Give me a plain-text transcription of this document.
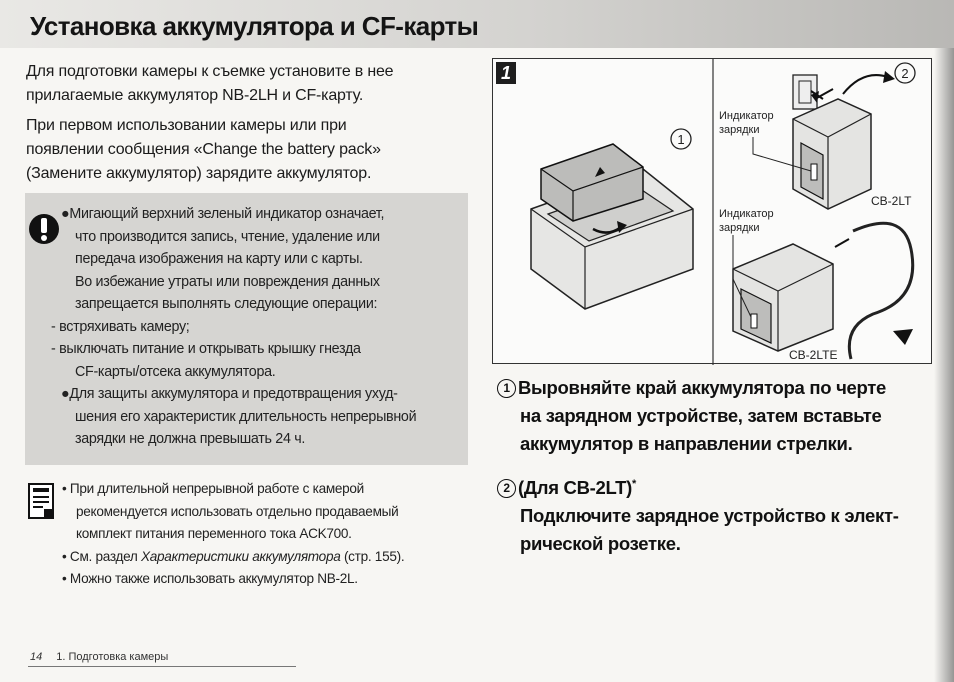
Установка аккумулятора и CF-карты

Для подготовки камеры к съемке установите в нее
прилагаемые аккумулятор NB-2LH и CF-карту.

При первом использовании камеры или при
появлении сообщения «Change the battery pack»
(Замените аккумулятор) зарядите аккумулятор.

●Мигающий верхний зеленый индикатор означает,
что производится запись, чтение, удаление или
передача изображения на карту или с карты.
Во избежание утраты или повреждения данных
запрещается выполнять следующие операции:
- встряхивать камеру;
- выключать питание и открывать крышку гнезда
CF-карты/отсека аккумулятора.
●Для защиты аккумулятора и предотвращения ухуд-
шения его характеристик длительность непрерывной
зарядки не должна превышать 24 ч.
• При длительной непрерывной работе с камерой
рекомендуется использовать отдельно продаваемый
комплект питания переменного тока ACK700.
• См. раздел Характеристики аккумулятора (стр. 155).
• Можно также использовать аккумулятор NB-2L.
14 1. Подготовка камеры
1
2
Индикатор
зарядки
CB-2LT
Индикатор
зарядки
CB-2LTE
1
1 Выровняйте край аккумулятора по черте
на зарядном устройстве, затем вставьте
аккумулятор в направлении стрелки.
2 (Для CB-2LT)*
Подключите зарядное устройство к элект-
рической розетке.
